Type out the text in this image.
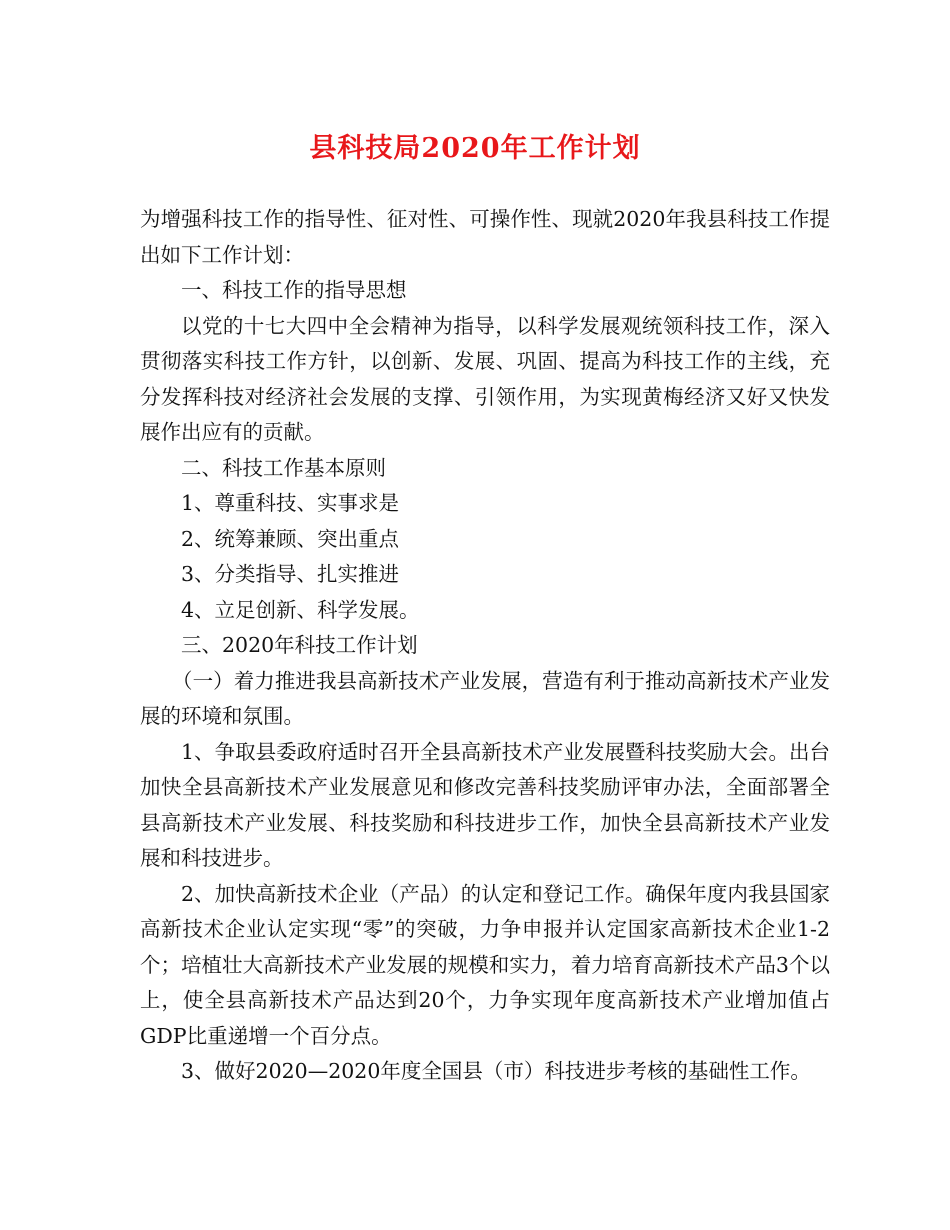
县科技局2020年工作计划

为增强科技工作的指导性、征对性、可操作性、现就2020年我县科技工作提出如下工作计划：

一、科技工作的指导思想

以党的十七大四中全会精神为指导，以科学发展观统领科技工作，深入贯彻落实科技工作方针，以创新、发展、巩固、提高为科技工作的主线，充分发挥科技对经济社会发展的支撑、引领作用，为实现黄梅经济又好又快发展作出应有的贡献。

二、科技工作基本原则

1、尊重科技、实事求是

2、统筹兼顾、突出重点

3、分类指导、扎实推进

4、立足创新、科学发展。

三、2020年科技工作计划

（一）着力推进我县高新技术产业发展，营造有利于推动高新技术产业发展的环境和氛围。

1、争取县委政府适时召开全县高新技术产业发展暨科技奖励大会。出台加快全县高新技术产业发展意见和修改完善科技奖励评审办法，全面部署全县高新技术产业发展、科技奖励和科技进步工作，加快全县高新技术产业发展和科技进步。

2、加快高新技术企业（产品）的认定和登记工作。确保年度内我县国家高新技术企业认定实现“零”的突破，力争申报并认定国家高新技术企业1-2个；培植壮大高新技术产业发展的规模和实力，着力培育高新技术产品3个以上，使全县高新技术产品达到20个，力争实现年度高新技术产业增加值占GDP比重递增一个百分点。

3、做好2020—2020年度全国县（市）科技进步考核的基础性工作。
